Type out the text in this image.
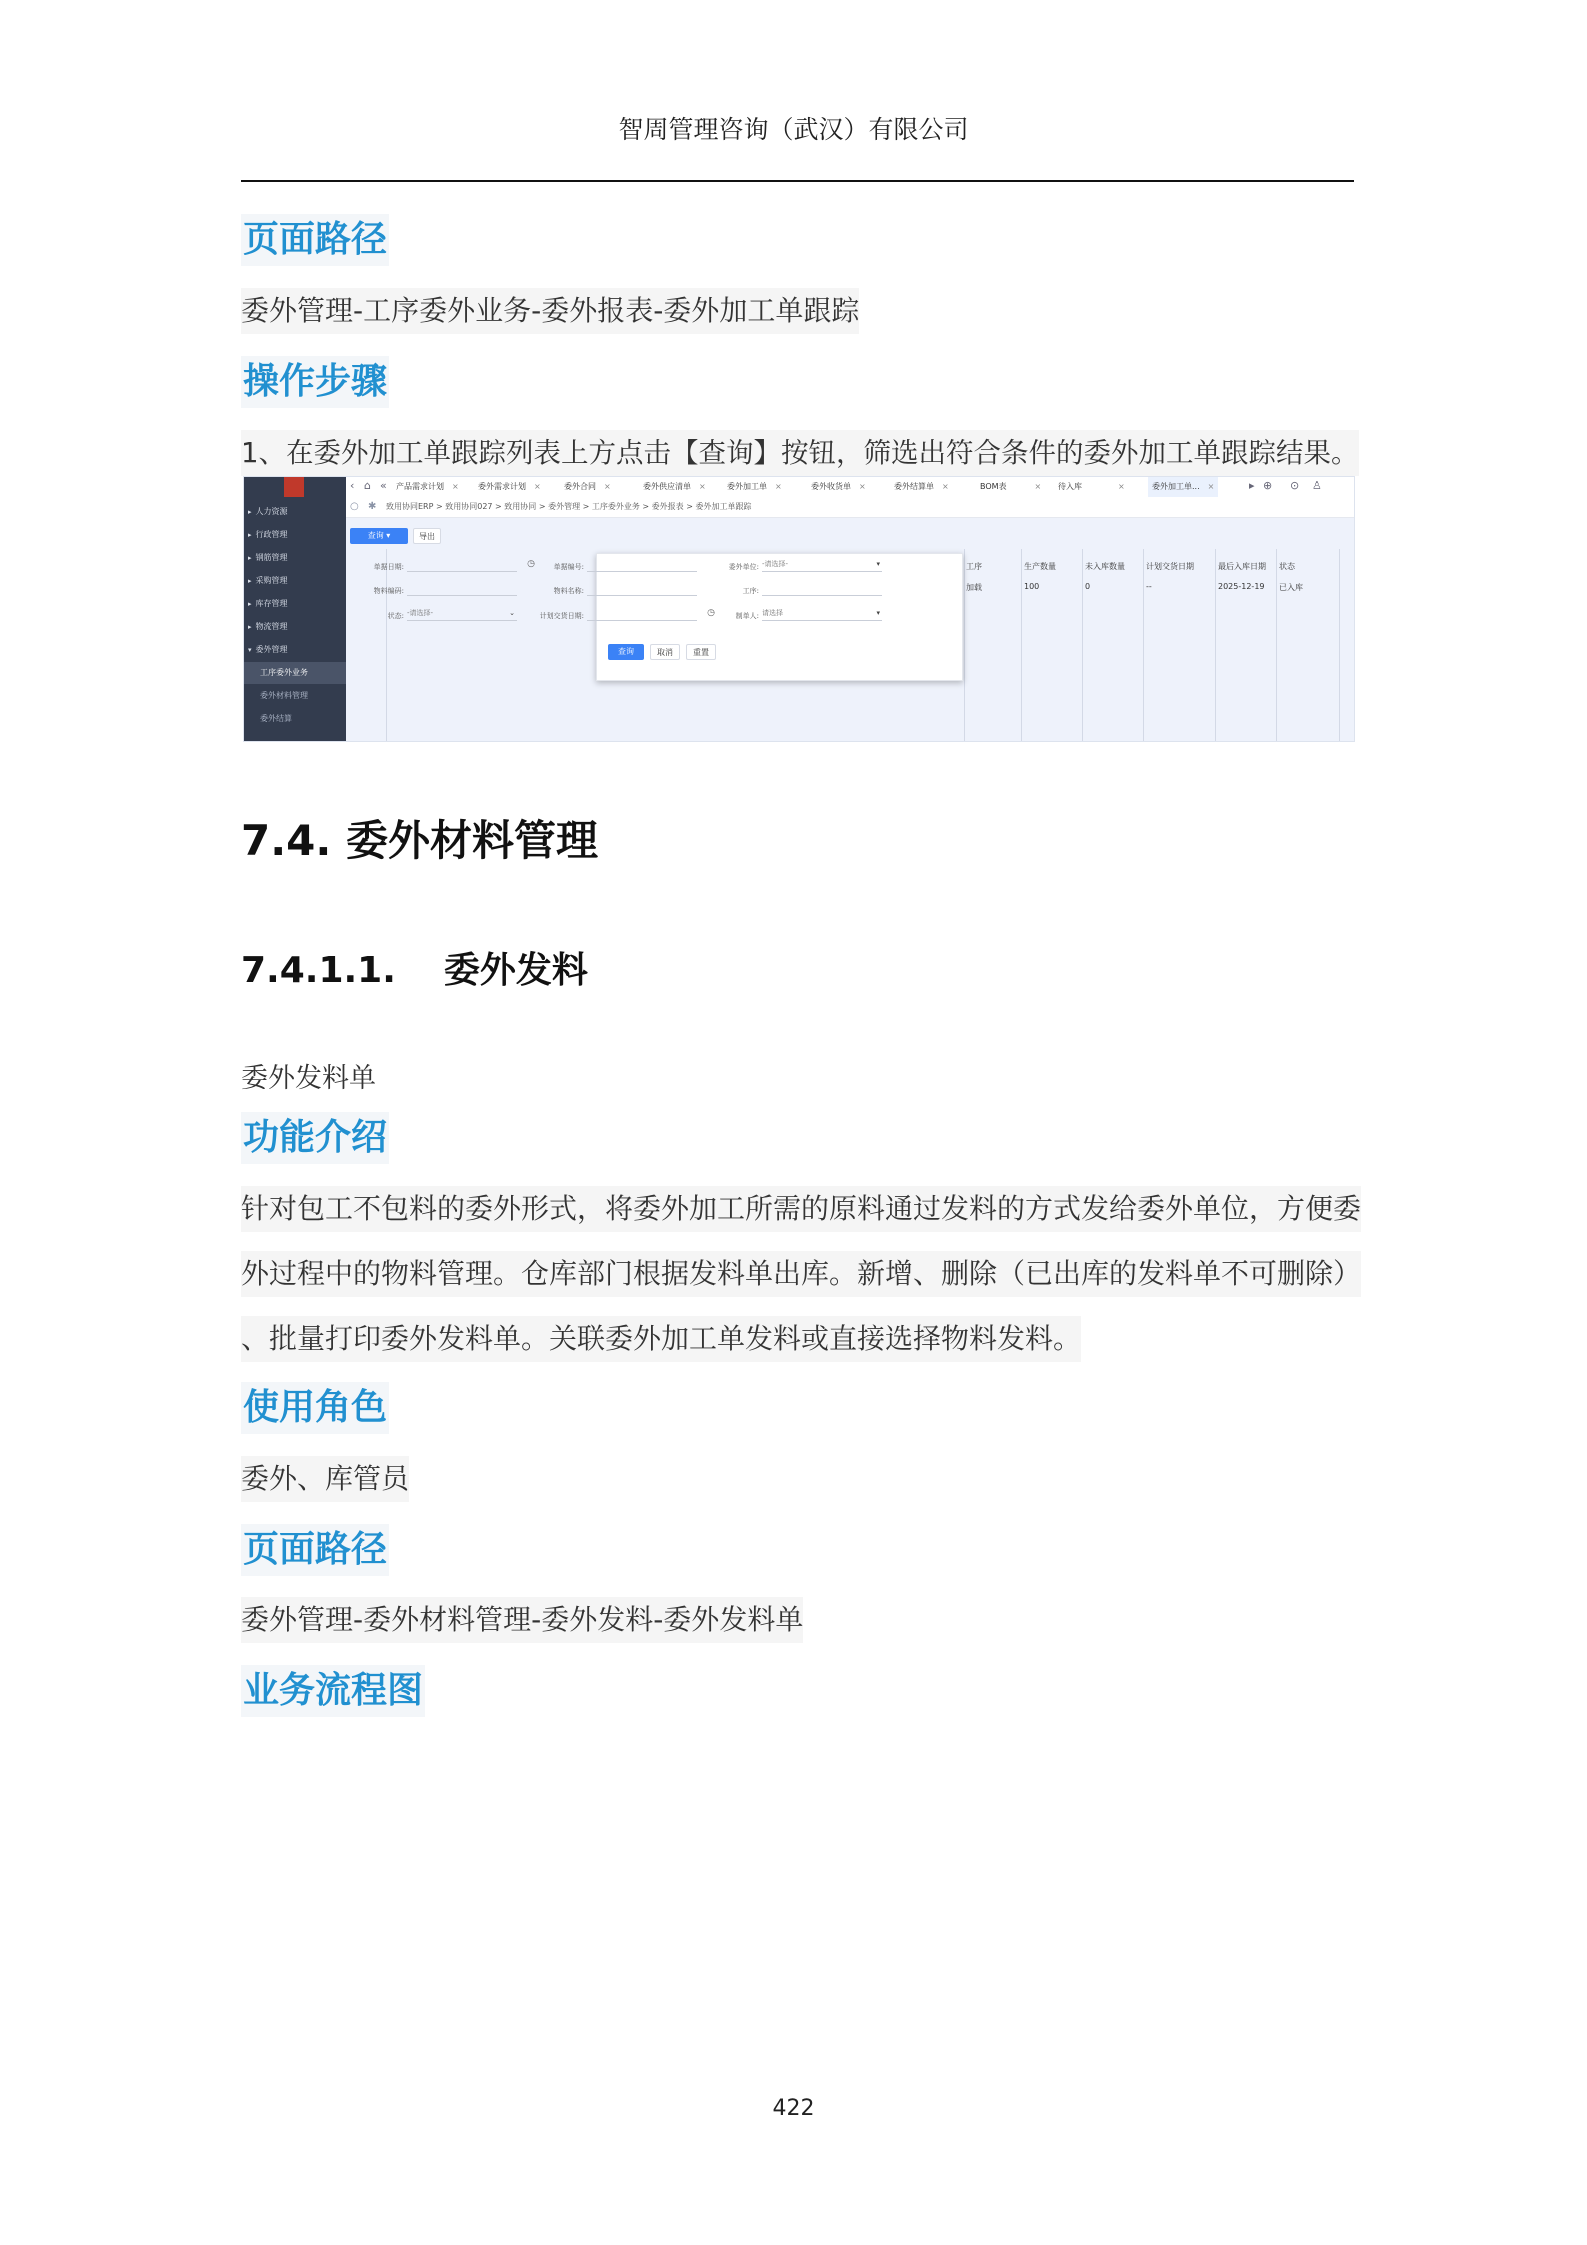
智周管理咨询（武汉）有限公司
页面路径
委外管理-工序委外业务-委外报表-委外加工单跟踪
操作步骤
1、在委外加工单跟踪列表上方点击【查询】按钮，筛选出符合条件的委外加工单跟踪结果。
▸ 人力资源
▸ 行政管理
▸ 钢筋管理
▸ 采购管理
▸ 库存管理
▸ 物流管理
▾ 委外管理
工序委外业务
委外材料管理
委外结算
‹ ⌂ « 产品需求计划 × 委外需求计划 ×	委外合同 ×	委外供应清单 ×	委外加工单 ×	委外收货单 ×	委外结算单 ×	BOM表	× 待入库	×	委外加工单... ×	▸ ⊕ ⊙ ♙
○ ✱ 致用协同ERP > 致用协同027 > 致用协同 > 委外管理 > 工序委外业务 > 委外报表 > 委外加工单跟踪
查询 ▾	导出
工序	生产数量	未入库数量	计划交货日期	最后入库日期 状态
加载	100	0	--	2025-12-19 已入库
单据日期:	◷	单据编号:	委外单位: -请选择-	▾
物料编码:	物料名称:	工序:
状态: -请选择-	⌄	计划交货日期:	◷	制单人: 请选择	▾
查询	取消	重置
7.4. 委外材料管理
7.4.1.1. 委外发料
委外发料单
功能介绍
针对包工不包料的委外形式，将委外加工所需的原料通过发料的方式发给委外单位，方便委
外过程中的物料管理。仓库部门根据发料单出库。新增、删除（已出库的发料单不可删除）
、批量打印委外发料单。关联委外加工单发料或直接选择物料发料。
使用角色
委外、库管员
页面路径
委外管理-委外材料管理-委外发料-委外发料单
业务流程图
422
